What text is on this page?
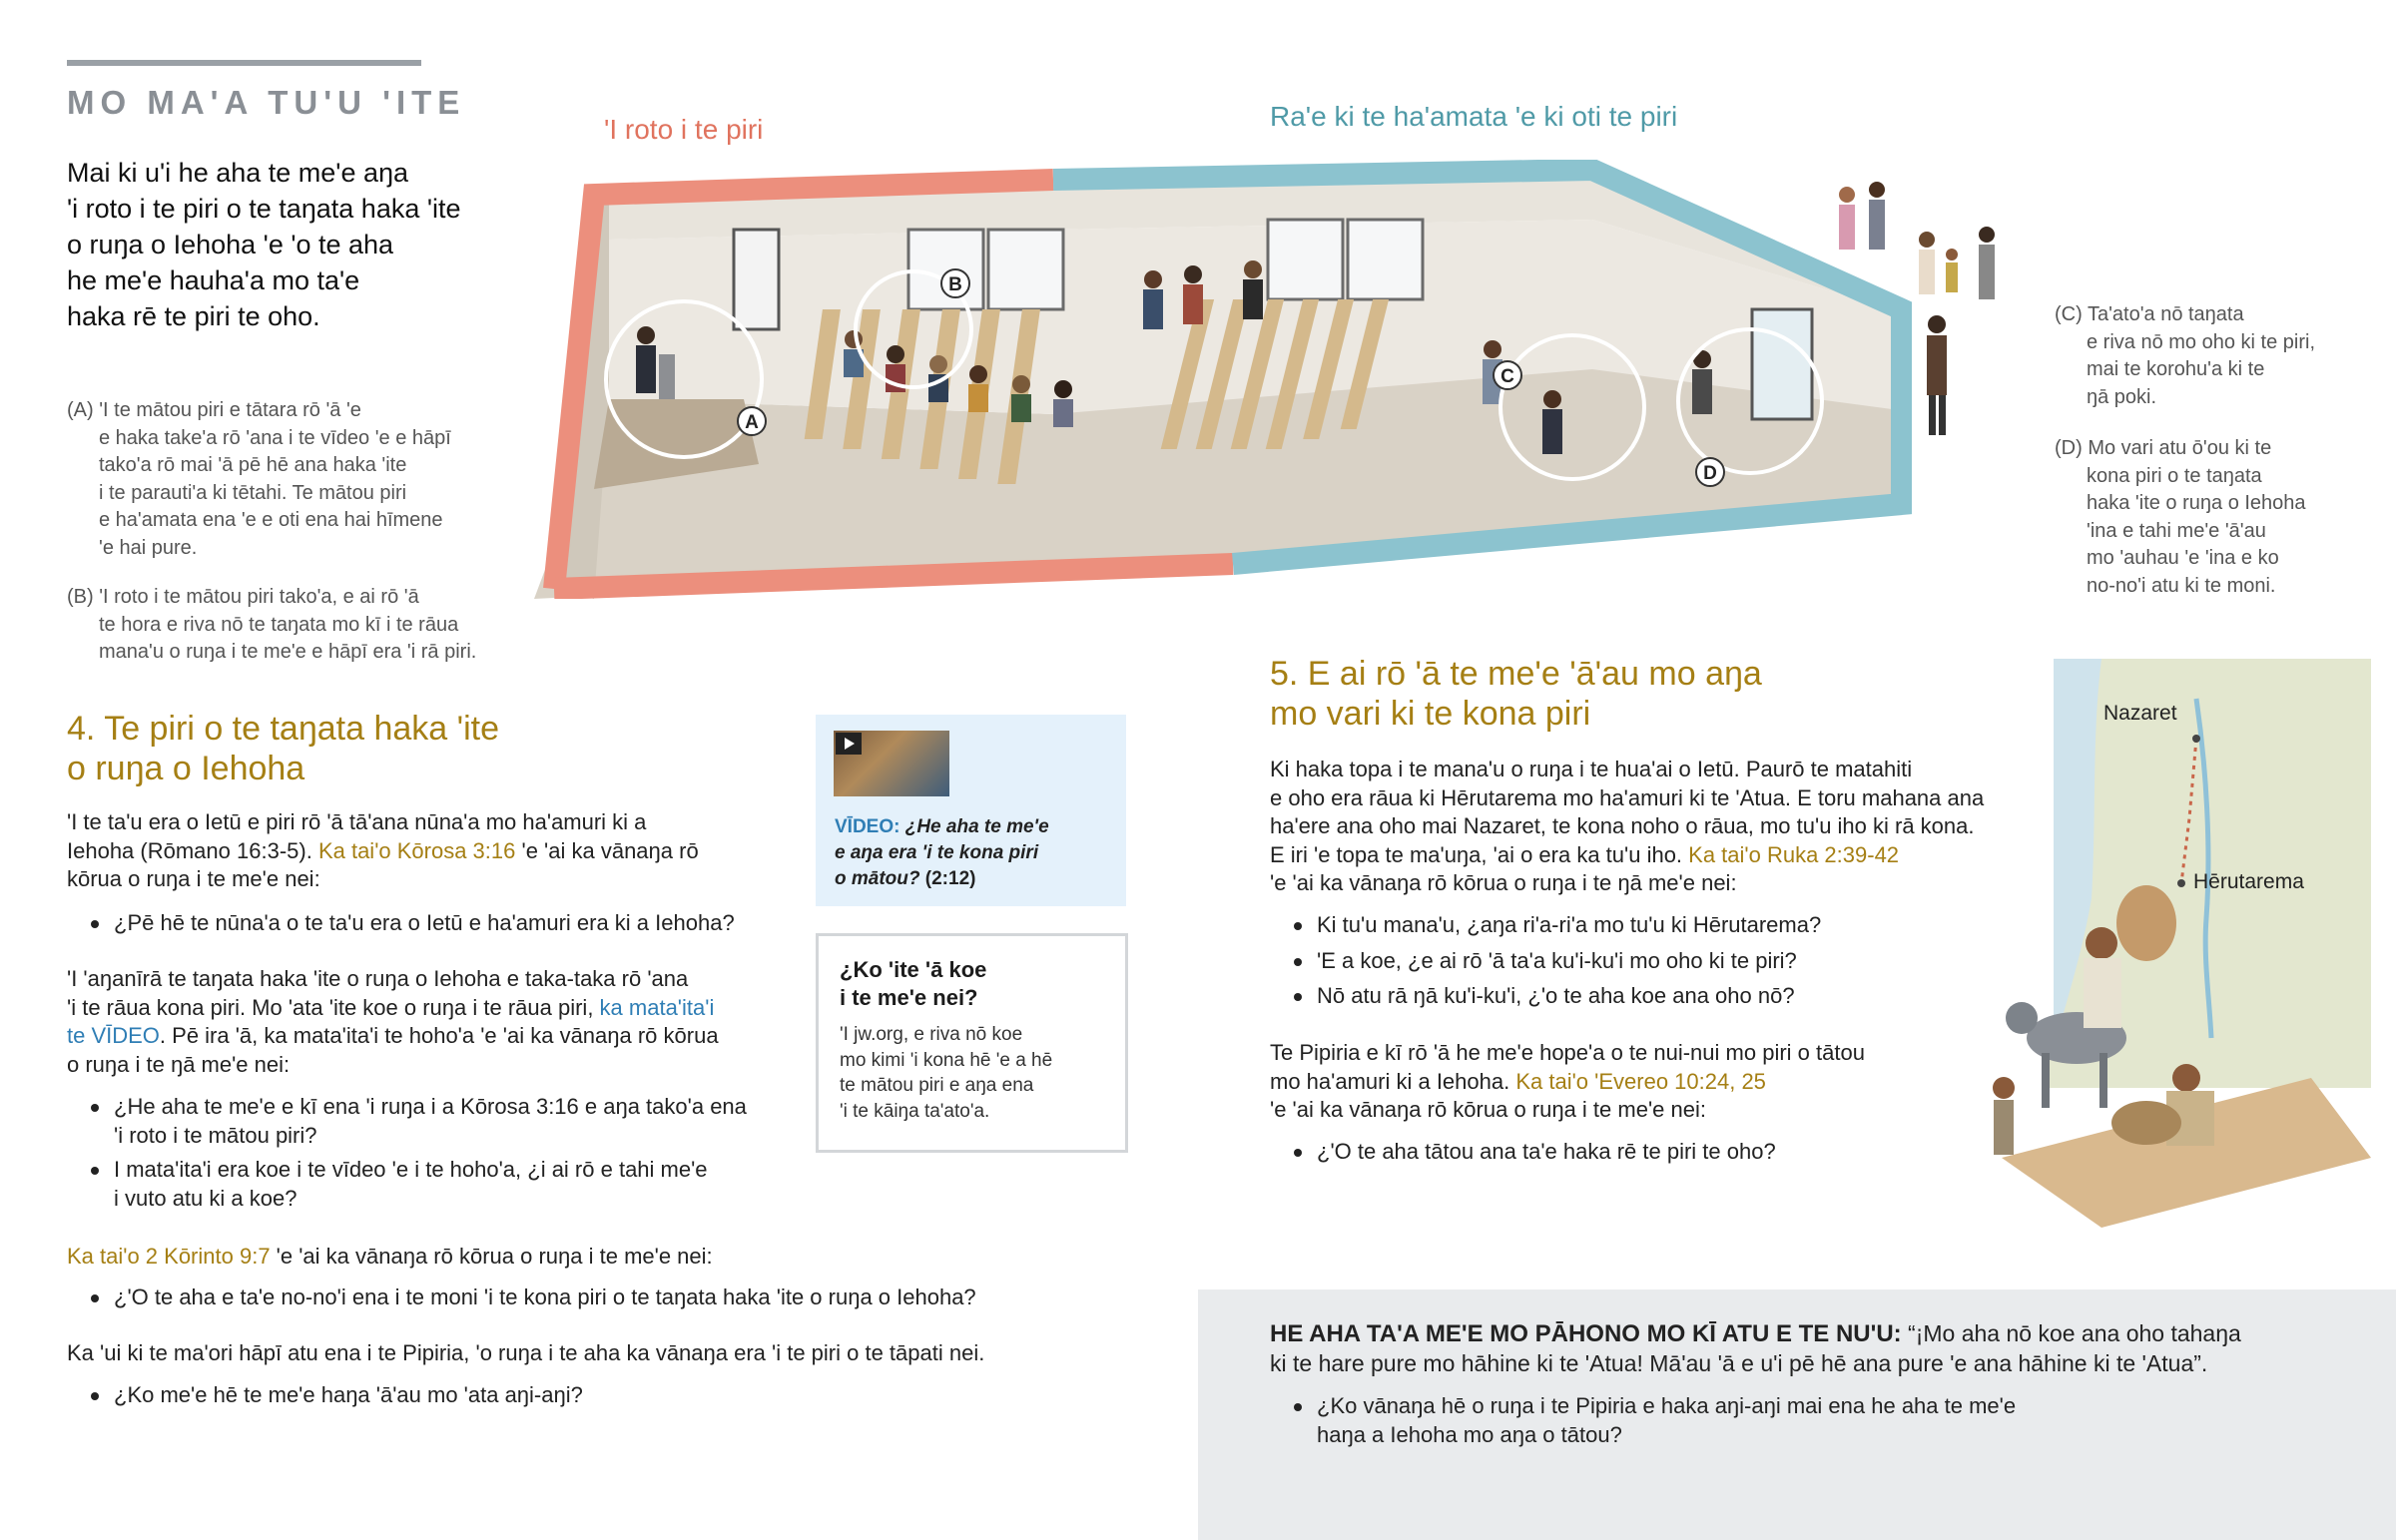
MO MA'A TU'U 'ITE
Mai ki u'i he aha te me'e aŋa
'i roto i te piri o te taŋata haka 'ite
o ruŋa o Iehoha 'e 'o te aha
he me'e hauha'a mo ta'e
haka rē te piri te oho.
(A) 'I te mātou piri e tātara rō 'ā 'e
e haka take'a rō 'ana i te vīdeo 'e e hāpī
tako'a rō mai 'ā pē hē ana haka 'ite
i te parauti'a ki tētahi. Te mātou piri
e ha'amata ena 'e e oti ena hai hīmene
'e hai pure.
(B) 'I roto i te mātou piri tako'a, e ai rō 'ā
te hora e riva nō te taŋata mo kī i te rāua
mana'u o ruŋa i te me'e e hāpī era 'i rā piri.
'I roto i te piri	Ra'e ki te ha'amata 'e ki oti te piri
A
B
C
D
(C) Ta'ato'a nō taŋata
e riva nō mo oho ki te piri,
mai te korohu'a ki te
ŋā poki.
(D) Mo vari atu ō'ou ki te
kona piri o te taŋata
haka 'ite o ruŋa o Iehoha
'ina e tahi me'e 'ā'au
mo 'auhau 'e 'ina e ko
no-no'i atu ki te moni.
4. Te piri o te taŋata haka 'ite
o ruŋa o Iehoha
'I te ta'u era o Ietū e piri rō 'ā tā'ana nūna'a mo ha'amuri ki a
Iehoha (Rōmano 16:3-5). Ka tai'o Kōrosa 3:16 'e 'ai ka vānaŋa rō
kōrua o ruŋa i te me'e nei:
¿Pē hē te nūna'a o te ta'u era o Ietū e ha'amuri era ki a Iehoha?
'I 'aŋanīrā te taŋata haka 'ite o ruŋa o Iehoha e taka-taka rō 'ana
'i te rāua kona piri. Mo 'ata 'ite koe o ruŋa i te rāua piri, ka mata'ita'i
te VĪDEO. Pē ira 'ā, ka mata'ita'i te hoho'a 'e 'ai ka vānaŋa rō kōrua
o ruŋa i te ŋā me'e nei:
¿He aha te me'e e kī ena 'i ruŋa i a Kōrosa 3:16 e aŋa tako'a ena
'i roto i te mātou piri?
I mata'ita'i era koe i te vīdeo 'e i te hoho'a, ¿i ai rō e tahi me'e
i vuto atu ki a koe?
Ka tai'o 2 Kōrinto 9:7 'e 'ai ka vānaŋa rō kōrua o ruŋa i te me'e nei:
¿'O te aha e ta'e no-no'i ena i te moni 'i te kona piri o te taŋata haka 'ite o ruŋa o Iehoha?
Ka 'ui ki te ma'ori hāpī atu ena i te Pipiria, 'o ruŋa i te aha ka vānaŋa era 'i te piri o te tāpati nei.
¿Ko me'e hē te me'e haŋa 'ā'au mo 'ata aŋi-aŋi?
VĪDEO: ¿He aha te me'e
e aŋa era 'i te kona piri
o mātou? (2:12)
¿Ko 'ite 'ā koe
i te me'e nei?
'I jw.org, e riva nō koe
mo kimi 'i kona hē 'e a hē
te mātou piri e aŋa ena
'i te kāiŋa ta'ato'a.
5. E ai rō 'ā te me'e 'ā'au mo aŋa
mo vari ki te kona piri
Ki haka topa i te mana'u o ruŋa i te hua'ai o Ietū. Paurō te matahiti
e oho era rāua ki Hērutarema mo ha'amuri ki te 'Atua. E toru mahana ana
ha'ere ana oho mai Nazaret, te kona noho o rāua, mo tu'u iho ki rā kona.
E iri 'e topa te ma'uŋa, 'ai o era ka tu'u iho. Ka tai'o Ruka 2:39-42
'e 'ai ka vānaŋa rō kōrua o ruŋa i te ŋā me'e nei:
Ki tu'u mana'u, ¿aŋa ri'a-ri'a mo tu'u ki Hērutarema?
'E a koe, ¿e ai rō 'ā ta'a ku'i-ku'i mo oho ki te piri?
Nō atu rā ŋā ku'i-ku'i, ¿'o te aha koe ana oho nō?
Te Pipiria e kī rō 'ā he me'e hope'a o te nui-nui mo piri o tātou
mo ha'amuri ki a Iehoha. Ka tai'o 'Evereo 10:24, 25
'e 'ai ka vānaŋa rō kōrua o ruŋa i te me'e nei:
¿'O te aha tātou ana ta'e haka rē te piri te oho?
Nazaret
Hērutarema
HE AHA TA'A ME'E MO PĀHONO MO KĪ ATU E TE NU'U: “¡Mo aha nō koe ana oho tahaŋa
ki te hare pure mo hāhine ki te 'Atua! Mā'au 'ā e u'i pē hē ana pure 'e ana hāhine ki te 'Atua”.
¿Ko vānaŋa hē o ruŋa i te Pipiria e haka aŋi-aŋi mai ena he aha te me'e
haŋa a Iehoha mo aŋa o tātou?
